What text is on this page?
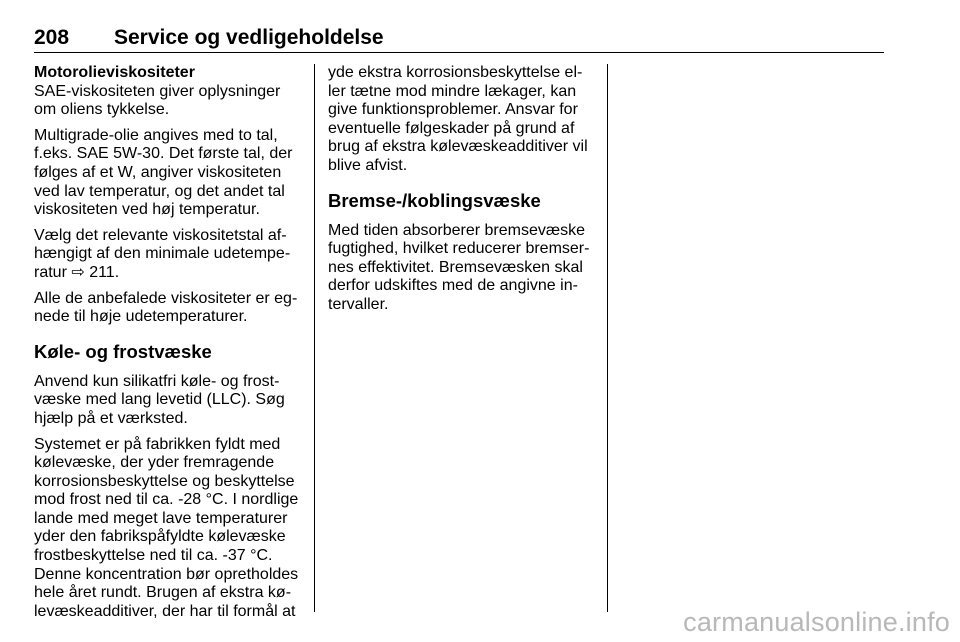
208 Service og vedligeholdelse
Motorolieviskositeter

SAE-viskositeten giver oplysninger
om oliens tykkelse.

Multigrade-olie angives med to tal,
f.eks. SAE 5W-30. Det første tal, der
følges af et W, angiver viskositeten
ved lav temperatur, og det andet tal
viskositeten ved høj temperatur.

Vælg det relevante viskositetstal af-
hængigt af den minimale udetempe-
ratur ⇨ 211.

Alle de anbefalede viskositeter er eg-
nede til høje udetemperaturer.

Køle- og frostvæske

Anvend kun silikatfri køle- og frost-
væske med lang levetid (LLC). Søg
hjælp på et værksted.

Systemet er på fabrikken fyldt med
kølevæske, der yder fremragende
korrosionsbeskyttelse og beskyttelse
mod frost ned til ca. -28 °C. I nordlige
lande med meget lave temperaturer
yder den fabrikspåfyldte kølevæske
frostbeskyttelse ned til ca. -37 °C.
Denne koncentration bør opretholdes
hele året rundt. Brugen af ekstra kø-
levæskeadditiver, der har til formål at

yde ekstra korrosionsbeskyttelse el-
ler tætne mod mindre lækager, kan
give funktionsproblemer. Ansvar for
eventuelle følgeskader på grund af
brug af ekstra kølevæskeadditiver vil
blive afvist.

Bremse-/koblingsvæske

Med tiden absorberer bremsevæske
fugtighed, hvilket reducerer bremser-
nes effektivitet. Bremsevæsken skal
derfor udskiftes med de angivne in-
tervaller.

carmanualsonline.info
